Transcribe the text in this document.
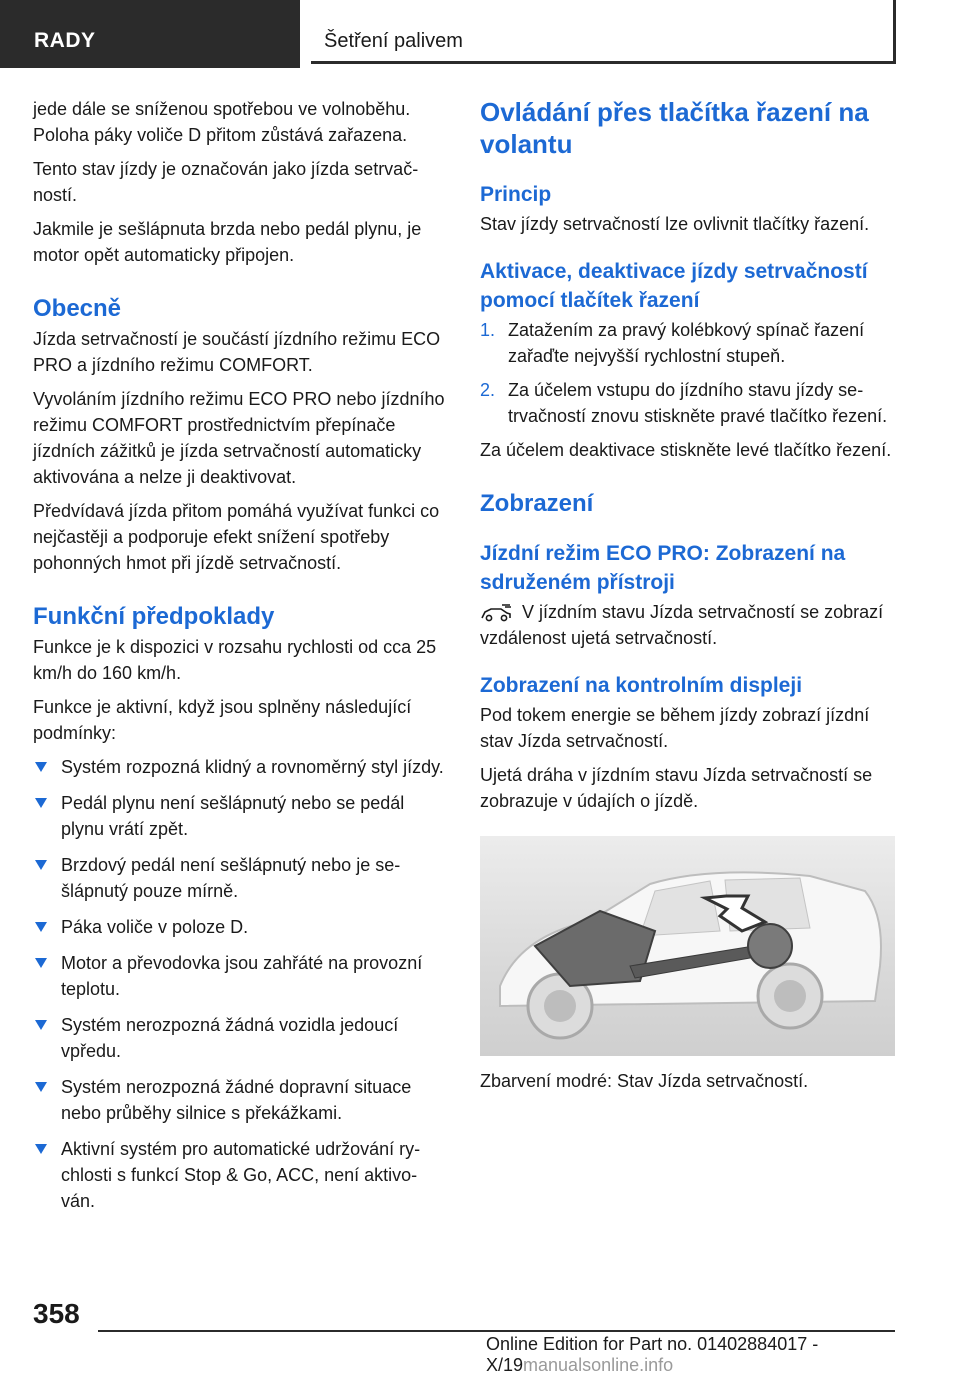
RADY	Šetření palivem

jede dále se sníženou spotřebou ve volnoběhu. Poloha páky voliče D přitom zůstává zařazena.

Tento stav jízdy je označován jako jízda setrvačností.

Jakmile je sešlápnuta brzda nebo pedál plynu, je motor opět automaticky připojen.

Obecně

Jízda setrvačností je součástí jízdního režimu ECO PRO a jízdního režimu COMFORT.

Vyvoláním jízdního režimu ECO PRO nebo jízdního režimu COMFORT prostřednictvím přepínače jízdních zážitků je jízda setrvačností automaticky aktivována a nelze ji deaktivovat.

Předvídavá jízda přitom pomáhá využívat funkci co nejčastěji a podporuje efekt snížení spotřeby pohonných hmot při jízdě setrvačností.

Funkční předpoklady

Funkce je k dispozici v rozsahu rychlosti od cca 25 km/h do 160 km/h.

Funkce je aktivní, když jsou splněny následující podmínky:

Systém rozpozná klidný a rovnoměrný styl jízdy.
Pedál plynu není sešlápnutý nebo se pedál plynu vrátí zpět.
Brzdový pedál není sešlápnutý nebo je sešlápnutý pouze mírně.
Páka voliče v poloze D.
Motor a převodovka jsou zahřáté na provozní teplotu.
Systém nerozpozná žádná vozidla jedoucí vpředu.
Systém nerozpozná žádné dopravní situace nebo průběhy silnice s překážkami.
Aktivní systém pro automatické udržování rychlosti s funkcí Stop & Go, ACC, není aktivován.
Ovládání přes tlačítka řazení na volantu
Princip

Stav jízdy setrvačností lze ovlivnit tlačítky řazení.

Aktivace, deaktivace jízdy setrvačností pomocí tlačítek řazení
1. Zatažením za pravý kolébkový spínač řazení zařaďte nejvyšší rychlostní stupeň.
2. Za účelem vstupu do jízdního stavu jízdy setrvačností znovu stiskněte pravé tlačítko řezení.

Za účelem deaktivace stiskněte levé tlačítko řezení.

Zobrazení
Jízdní režim ECO PRO: Zobrazení na sdruženém přístroji

V jízdním stavu Jízda setrvačností se zobrazí vzdálenost ujetá setrvačností.

Zobrazení na kontrolním displeji

Pod tokem energie se během jízdy zobrazí jízdní stav Jízda setrvačností.

Ujetá dráha v jízdním stavu Jízda setrvačností se zobrazuje v údajích o jízdě.

Zbarvení modré: Stav Jízda setrvačností.

358
Online Edition for Part no. 01402884017 - X/19manualsonline.info
